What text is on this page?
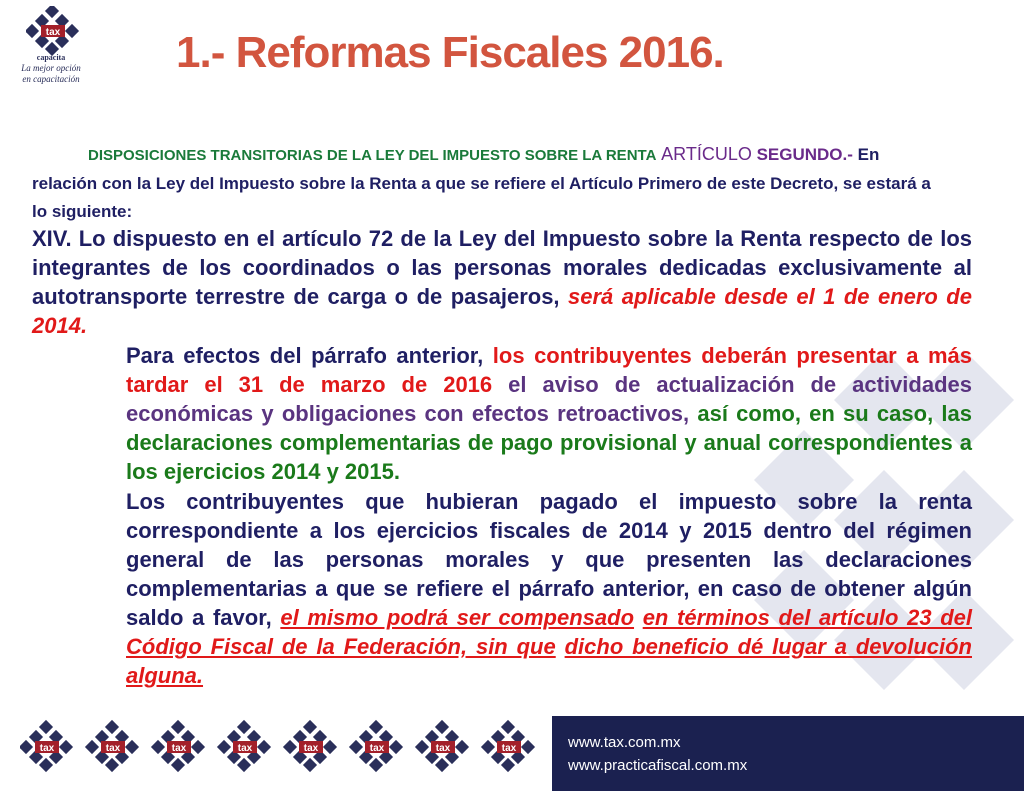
tax
capacita
La mejor opción
en capacitación
1.- Reformas Fiscales 2016.

DISPOSICIONES TRANSITORIAS DE LA LEY DEL IMPUESTO SOBRE LA RENTA ARTÍCULO SEGUNDO.- En relación con la Ley del Impuesto sobre la Renta a que se refiere el Artículo Primero de este Decreto, se estará a lo siguiente:

XIV. Lo dispuesto en el artículo 72 de la Ley del Impuesto sobre la Renta respecto de los integrantes de los coordinados o las personas morales dedicadas exclusivamente al autotransporte terrestre de carga o de pasajeros, será aplicable desde el 1 de enero de 2014.

Para efectos del párrafo anterior, los contribuyentes deberán presentar a más tardar el 31 de marzo de 2016 el aviso de actualización de actividades económicas y obligaciones con efectos retroactivos, así como, en su caso, las declaraciones complementarias de pago provisional y anual correspondientes a los ejercicios 2014 y 2015.

Los contribuyentes que hubieran pagado el impuesto sobre la renta correspondiente a los ejercicios fiscales de 2014 y 2015 dentro del régimen general de las personas morales y que presenten las declaraciones complementarias a que se refiere el párrafo anterior, en caso de obtener algún saldo a favor, el mismo podrá ser compensado en términos del artículo 23 del Código Fiscal de la Federación, sin que dicho beneficio dé lugar a devolución alguna.

www.tax.com.mx
www.practicafiscal.com.mx
